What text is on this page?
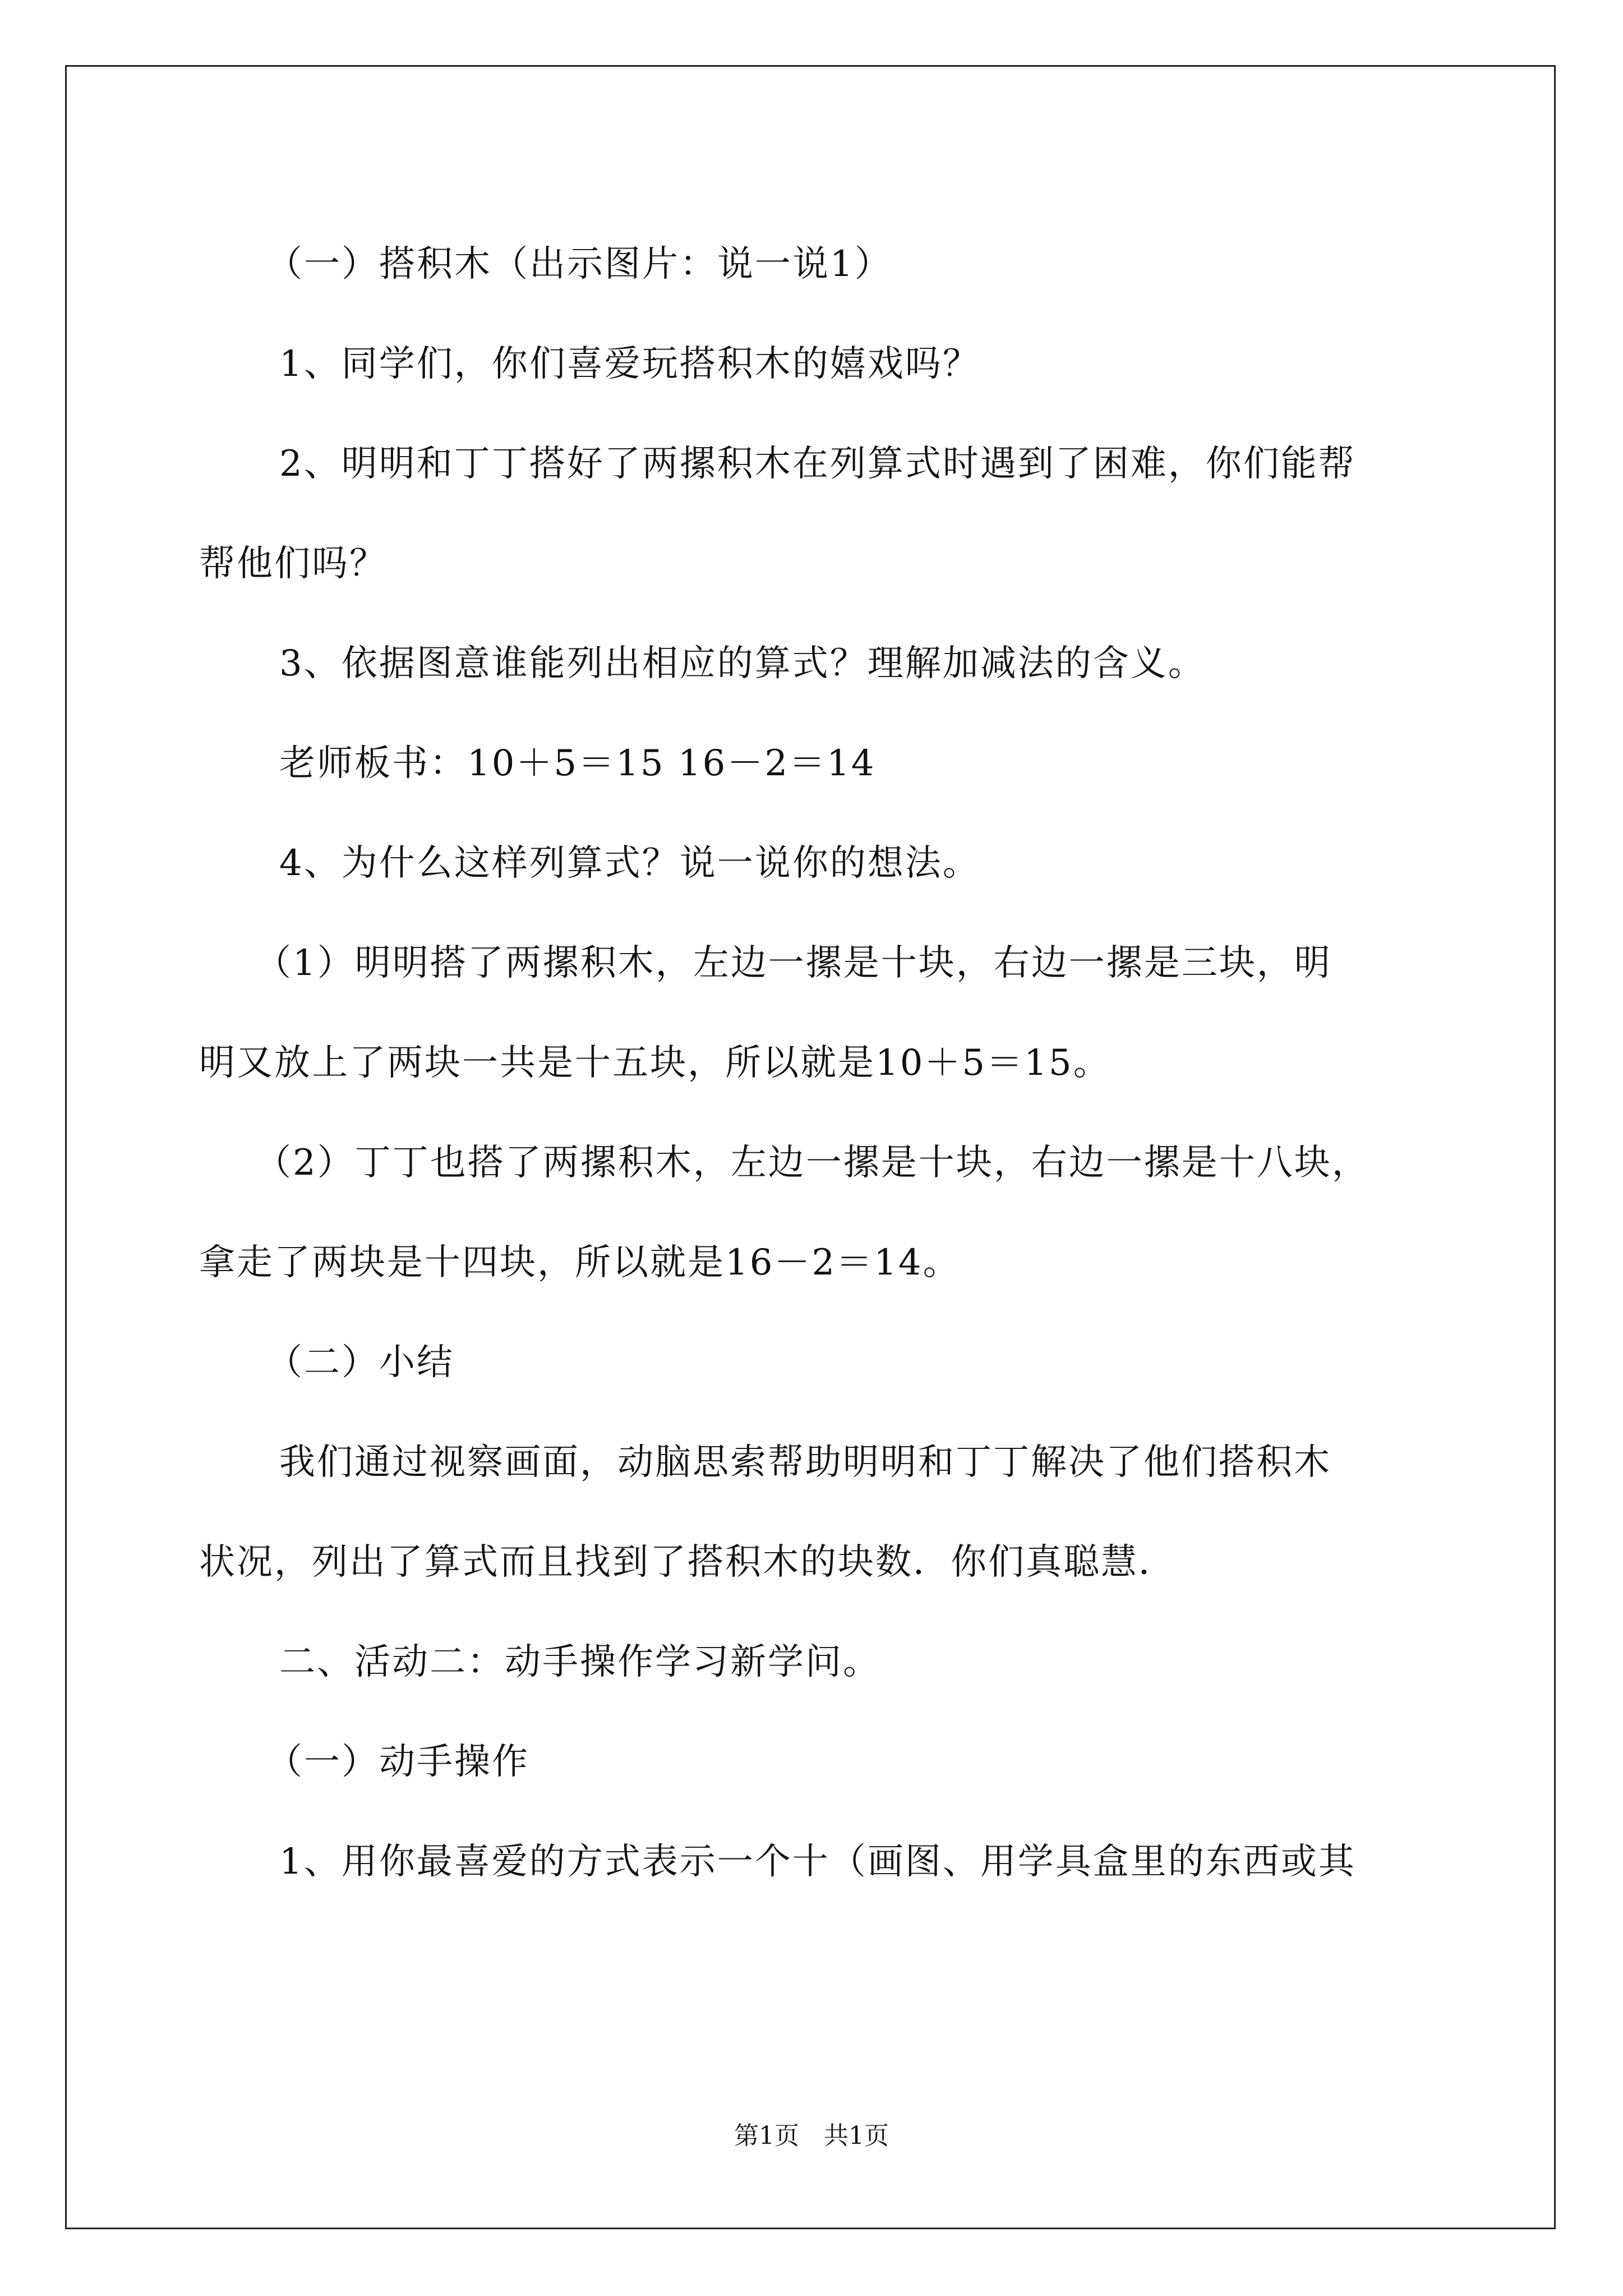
（一）搭积木（出示图片：说一说1）

1、同学们，你们喜爱玩搭积木的嬉戏吗？

2、明明和丁丁搭好了两摞积木在列算式时遇到了困难，你们能帮

帮他们吗？

3、依据图意谁能列出相应的算式？理解加减法的含义。

老师板书：10＋5＝15 16－2＝14

4、为什么这样列算式？说一说你的想法。

（1）明明搭了两摞积木，左边一摞是十块，右边一摞是三块，明

明又放上了两块一共是十五块，所以就是10＋5＝15。

（2）丁丁也搭了两摞积木，左边一摞是十块，右边一摞是十八块，

拿走了两块是十四块，所以就是16－2＝14。

（二）小结

我们通过视察画面，动脑思索帮助明明和丁丁解决了他们搭积木

状况，列出了算式而且找到了搭积木的块数．你们真聪慧．

二、活动二：动手操作学习新学问。

（一）动手操作

1、用你最喜爱的方式表示一个十（画图、用学具盒里的东西或其

第1页　共1页
